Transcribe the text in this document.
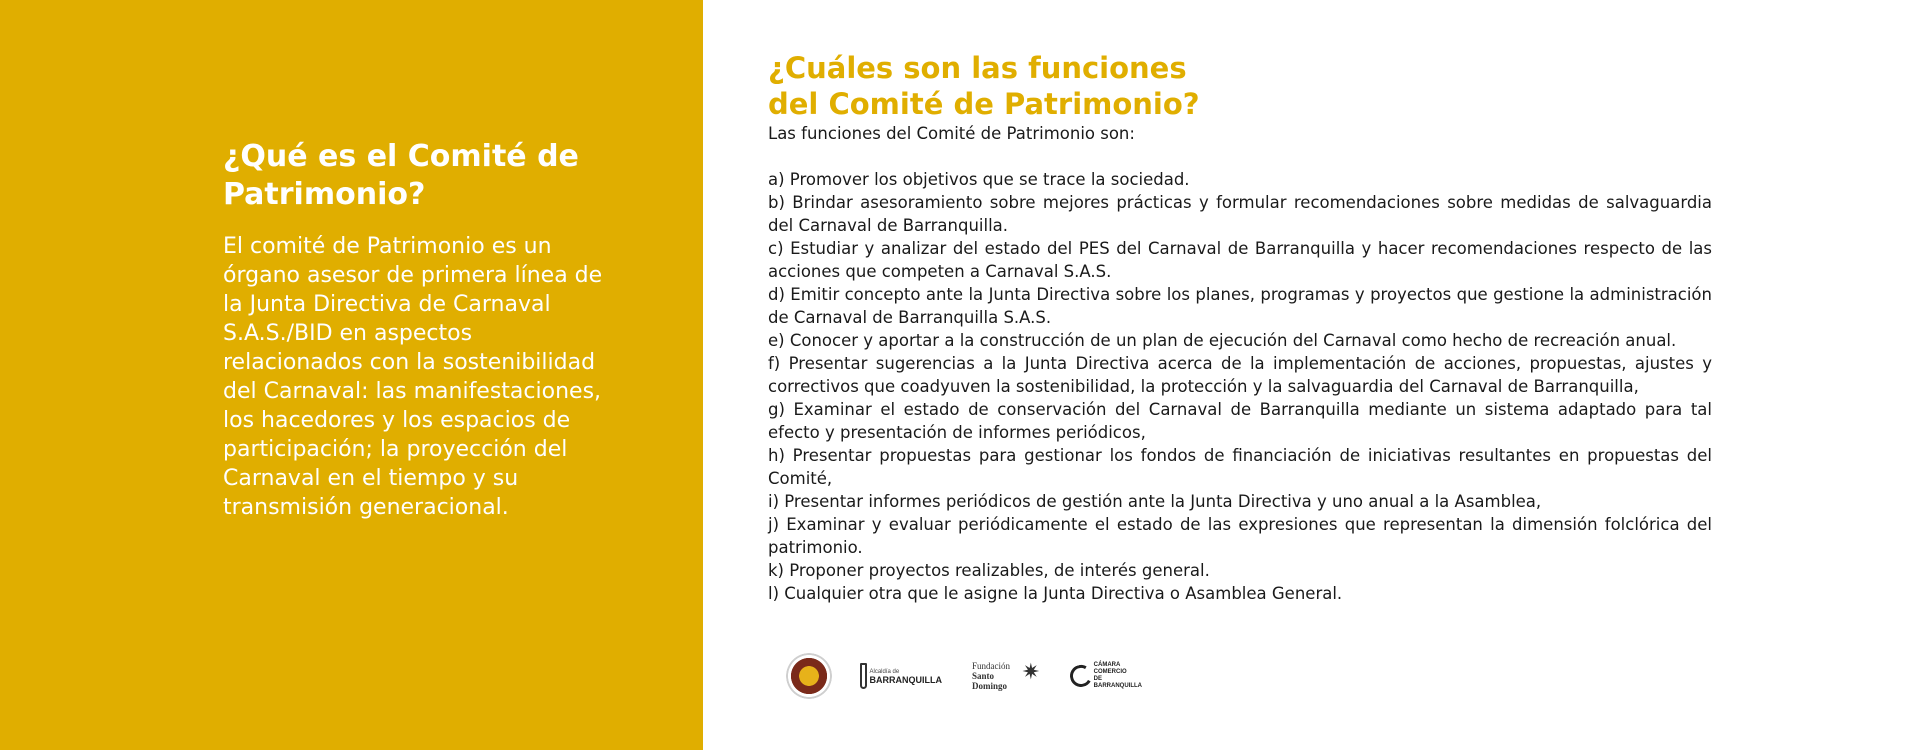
¿Qué es el Comité de Patrimonio?

El comité de Patrimonio es un órgano asesor de primera línea de la Junta Directiva de Carnaval S.A.S./BID en aspectos relacionados con la sostenibilidad del Carnaval: las manifestaciones, los hacedores y los espacios de participación; la proyección del Carnaval en el tiempo y su transmisión generacional.

¿Cuáles son las funciones
del Comité de Patrimonio?

Las funciones del Comité de Patrimonio son:

a) Promover los objetivos que se trace la sociedad.
b) Brindar asesoramiento sobre mejores prácticas y formular recomendaciones sobre medidas de salvaguardia del Carnaval de Barranquilla.
c) Estudiar y analizar del estado del PES del Carnaval de Barranquilla y hacer recomendaciones respecto de las acciones que competen a Carnaval S.A.S.
d) Emitir concepto ante la Junta Directiva sobre los planes, programas y proyectos que gestione la administración de Carnaval de Barranquilla S.A.S.
e) Conocer y aportar a la construcción de un plan de ejecución del Carnaval como hecho de recreación anual.
f) Presentar sugerencias a la Junta Directiva acerca de la implementación de acciones, propuestas, ajustes y correctivos que coadyuven la sostenibilidad, la protección y la salvaguardia del Carnaval de Barranquilla,
g) Examinar el estado de conservación del Carnaval de Barranquilla mediante un sistema adaptado para tal efecto y presentación de informes periódicos,
h) Presentar propuestas para gestionar los fondos de financiación de iniciativas resultantes en propuestas del Comité,
i) Presentar informes periódicos de gestión ante la Junta Directiva y uno anual a la Asamblea,
j) Examinar y evaluar periódicamente el estado de las expresiones que representan la dimensión folclórica del patrimonio.
k) Proponer proyectos realizables, de interés general.
l) Cualquier otra que le asigne la Junta Directiva o Asamblea General.
Alcaldía de
BARRANQUILLA
Fundación
Santo Domingo
✷	CÁMARA
COMERCIO
DE BARRANQUILLA
